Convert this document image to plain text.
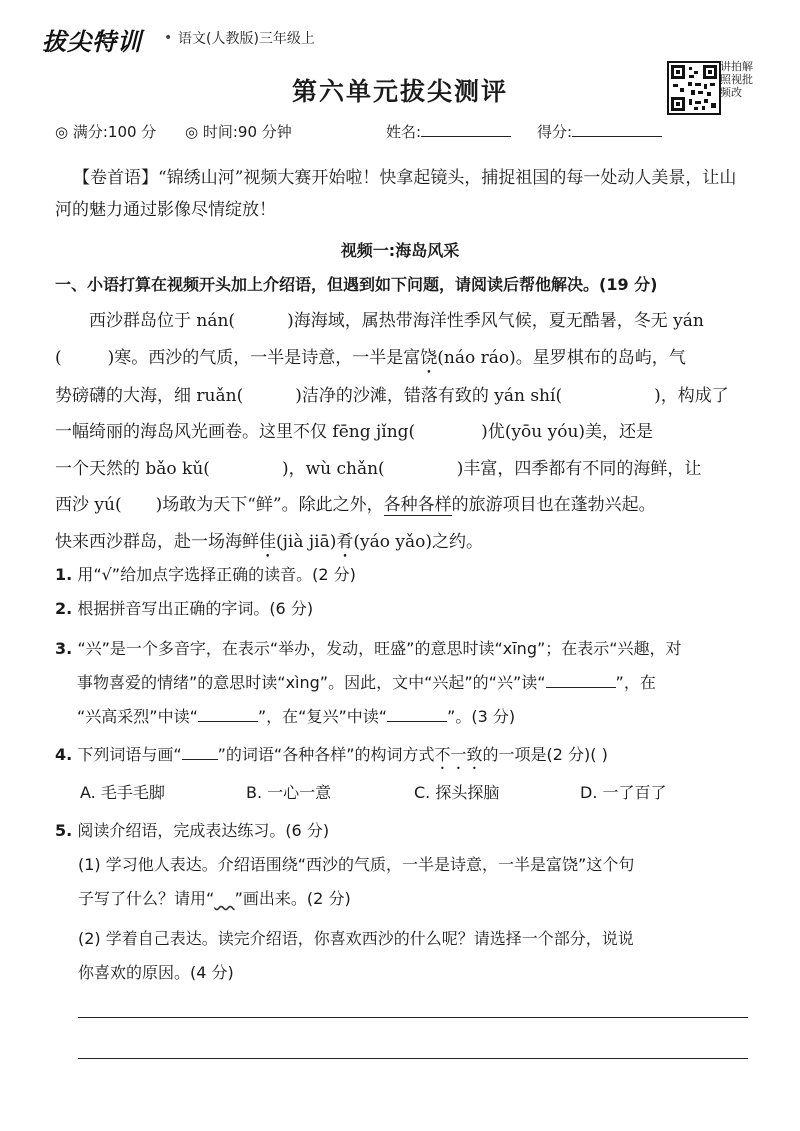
拔尖特训 • 语文(人教版)三年级上
第六单元拔尖测评
讲拍解照视批频改
◎ 满分:100 分 ◎ 时间:90 分钟	姓名:	得分:
【卷首语】“锦绣山河”视频大赛开始啦！快拿起镜头，捕捉祖国的每一处动人美景，让山河的魅力通过影像尽情绽放！
视频一:海岛风采
一、小语打算在视频开头加上介绍语，但遇到如下问题，请阅读后帮他解决。(19 分)
西沙群岛位于 nán(	)海海域，属热带海洋性季风气候，夏无酷暑，冬无 yán
(	)寒。西沙的气质，一半是诗意，一半是富饶(náo ráo)。星罗棋布的岛屿，气
势磅礴的大海，细 ruǎn(	)洁净的沙滩，错落有致的 yán shí(	)，构成了
一幅绮丽的海岛风光画卷。这里不仅 fēng jǐng(	)优(yōu yóu)美，还是
一个天然的 bǎo kǔ(	)，wù chǎn(	)丰富，四季都有不同的海鲜，让
西沙 yú( )场敢为天下“鲜”。除此之外，各种各样的旅游项目也在蓬勃兴起。
快来西沙群岛，赴一场海鲜佳(jià jiā)肴(yáo yǎo)之约。
1. 用“√”给加点字选择正确的读音。(2 分)
2. 根据拼音写出正确的字词。(6 分)
3. “兴”是一个多音字，在表示“举办，发动，旺盛”的意思时读“xīng”；在表示“兴趣，对
事物喜爱的情绪”的意思时读“xìng”。因此，文中“兴起”的“兴”读“	”，在
“兴高采烈”中读“	”，在“复兴”中读“	”。(3 分)
4. 下列词语与画“ ”的词语“各种各样”的构词方式不一致的一项是(2 分)( )
A. 毛手毛脚	B. 一心一意	C. 探头探脑	D. 一了百了
5. 阅读介绍语，完成表达练习。(6 分)
(1) 学习他人表达。介绍语围绕“西沙的气质，一半是诗意，一半是富饶”这个句
子写了什么？请用“ ”画出来。(2 分)
(2) 学着自己表达。读完介绍语，你喜欢西沙的什么呢？请选择一个部分，说说
你喜欢的原因。(4 分)
